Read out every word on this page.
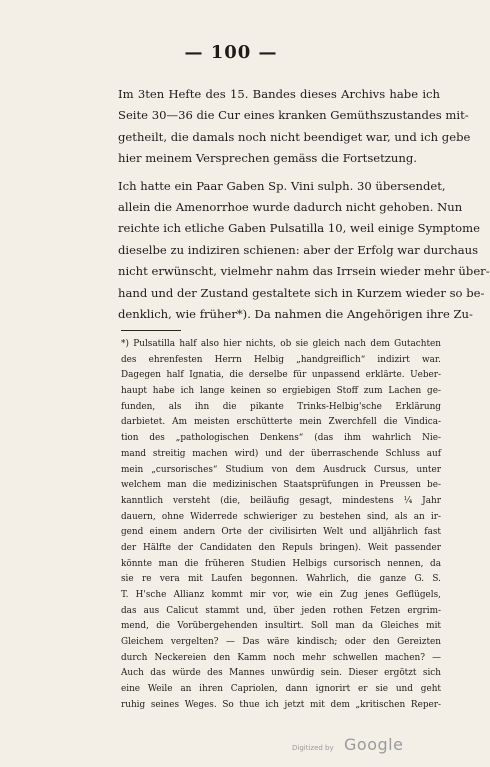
— 100 —

Im 3ten Hefte des 15. Bandes dieses Archivs habe ich
Seite 30—36 die Cur eines kranken Gemüthszustandes mit-
getheilt, die damals noch nicht beendiget war, und ich gebe
hier meinem Versprechen gemäss die Fortsetzung.

Ich hatte ein Paar Gaben Sp. Vini sulph. 30 übersendet,
allein die Amenorrhoe wurde dadurch nicht gehoben. Nun
reichte ich etliche Gaben Pulsatilla 10, weil einige Symptome
dieselbe zu indiziren schienen: aber der Erfolg war durchaus
nicht erwünscht, vielmehr nahm das Irrsein wieder mehr über-
hand und der Zustand gestaltete sich in Kurzem wieder so be-
denklich, wie früher*). Da nahmen die Angehörigen ihre Zu-

*) Pulsatilla half also hier nichts, ob sie gleich nach dem Gutachten
des ehrenfesten Herrn Helbig „handgreiflich“ indizirt war.
Dagegen half Ignatia, die derselbe für unpassend erklärte. Ueber-
haupt habe ich lange keinen so ergiebigen Stoff zum Lachen ge-
funden, als ihn die pikante Trinks-Helbig'sche Erklärung
darbietet. Am meisten erschütterte mein Zwerchfell die Vindica-
tion des „pathologischen Denkens“ (das ihm wahrlich Nie-
mand streitig machen wird) und der überraschende Schluss auf
mein „cursorisches“ Studium von dem Ausdruck Cursus, unter
welchem man die medizinischen Staatsprüfungen in Preussen be-
kanntlich versteht (die, beiläufig gesagt, mindestens ¼ Jahr
dauern, ohne Widerrede schwieriger zu bestehen sind, als an ir-
gend einem andern Orte der civilisirten Welt und alljährlich fast
der Hälfte der Candidaten den Repuls bringen). Weit passender
könnte man die früheren Studien Helbigs cursorisch nennen, da
sie re vera mit Laufen begonnen. Wahrlich, die ganze G. S.
T. H'sche Allianz kommt mir vor, wie ein Zug jenes Geflügels,
das aus Calicut stammt und, über jeden rothen Fetzen ergrim-
mend, die Vorübergehenden insultirt. Soll man da Gleiches mit
Gleichem vergelten? — Das wäre kindisch; oder den Gereizten
durch Neckereien den Kamm noch mehr schwellen machen? —
Auch das würde des Mannes unwürdig sein. Dieser ergötzt sich
eine Weile an ihren Capriolen, dann ignorirt er sie und geht
ruhig seines Weges. So thue ich jetzt mit dem „kritischen Reper-
Digitized by Google
